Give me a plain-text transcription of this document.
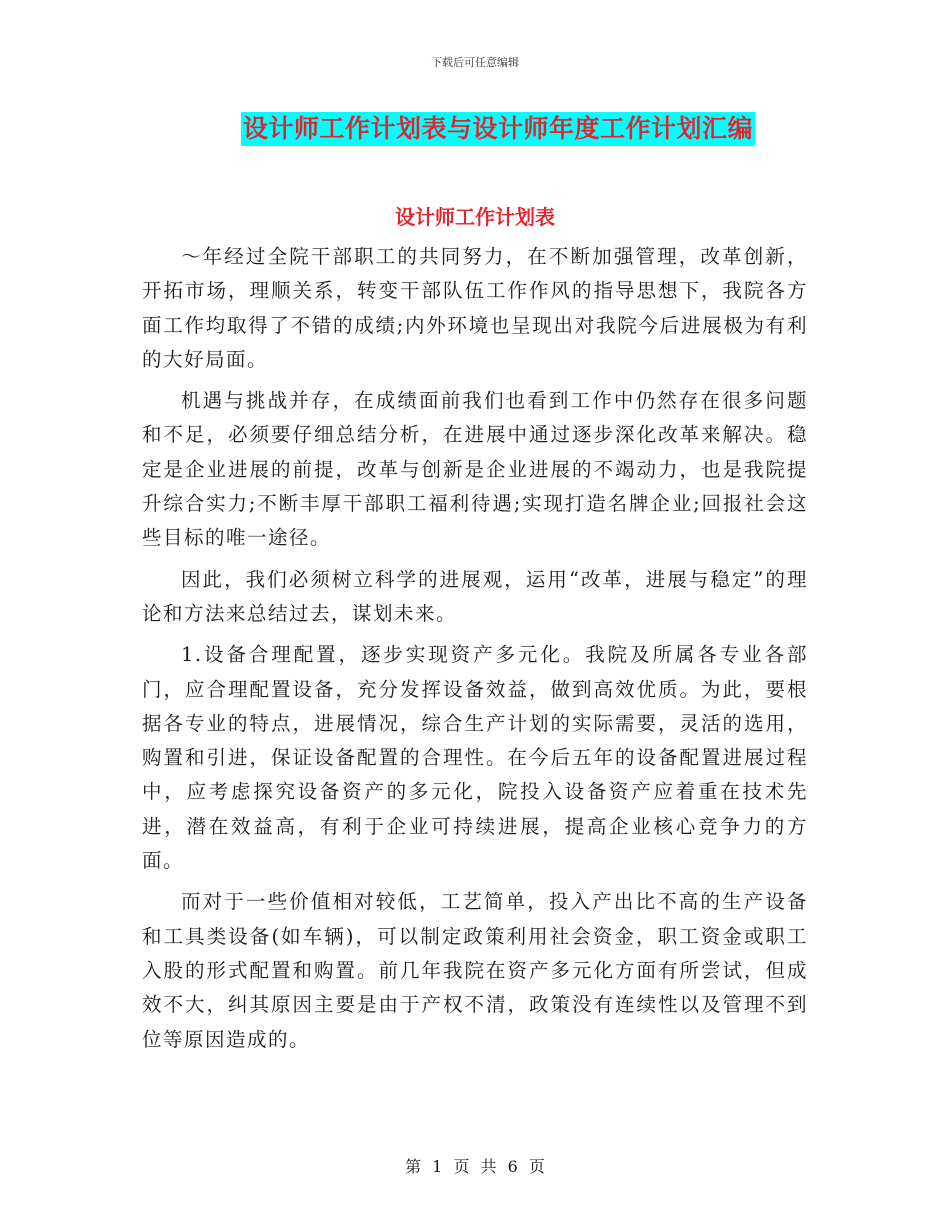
下载后可任意编辑
设计师工作计划表与设计师年度工作计划汇编
设计师工作计划表

～年经过全院干部职工的共同努力，在不断加强管理，改革创新，开拓市场，理顺关系，转变干部队伍工作作风的指导思想下，我院各方面工作均取得了不错的成绩;内外环境也呈现出对我院今后进展极为有利的大好局面。

机遇与挑战并存，在成绩面前我们也看到工作中仍然存在很多问题和不足，必须要仔细总结分析，在进展中通过逐步深化改革来解决。稳定是企业进展的前提，改革与创新是企业进展的不竭动力，也是我院提升综合实力;不断丰厚干部职工福利待遇;实现打造名牌企业;回报社会这些目标的唯一途径。

因此，我们必须树立科学的进展观，运用“改革，进展与稳定”的理论和方法来总结过去，谋划未来。

1.设备合理配置，逐步实现资产多元化。我院及所属各专业各部门，应合理配置设备，充分发挥设备效益，做到高效优质。为此，要根据各专业的特点，进展情况，综合生产计划的实际需要，灵活的选用，购置和引进，保证设备配置的合理性。在今后五年的设备配置进展过程中，应考虑探究设备资产的多元化，院投入设备资产应着重在技术先进，潜在效益高，有利于企业可持续进展，提高企业核心竞争力的方面。

而对于一些价值相对较低，工艺简单，投入产出比不高的生产设备和工具类设备(如车辆)，可以制定政策利用社会资金，职工资金或职工入股的形式配置和购置。前几年我院在资产多元化方面有所尝试，但成效不大，纠其原因主要是由于产权不清，政策没有连续性以及管理不到位等原因造成的。

第 1 页 共 6 页
